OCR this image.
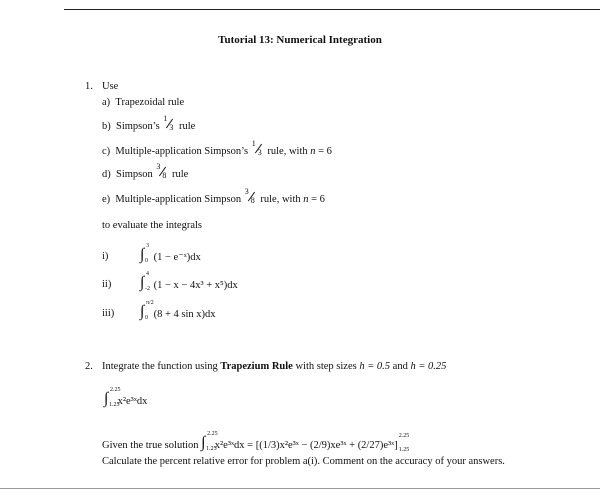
Tutorial 13: Numerical Integration
1. Use
a) Trapezoidal rule
b) Simpson’s
1
3 rule
c) Multiple-application Simpson’s
1
3 rule, with n = 6
d) Simpson
3
8 rule
e) Multiple-application Simpson
3
8 rule, with n = 6
to evaluate the integrals
i) ∫ 3
0 (1 − e⁻ˣ)dx
ii) ∫ 4
-2 (1 − x − 4x³ + x⁵)dx
iii) ∫ π/2
0 (8 + 4 sin x)dx
2. Integrate the function using Trapezium Rule with step sizes h = 0.5 and h = 0.25
∫ 2.25
1.25
x²e³ˣdx
Given the true solution ∫ 2.25
1.25
x²e³ˣdx = [(1/3)x²e³ˣ − (2/9)xe³ˣ + (2/27)e³ˣ]
2.25
1.25
Calculate the percent relative error for problem a(i). Comment on the accuracy of your answers.
